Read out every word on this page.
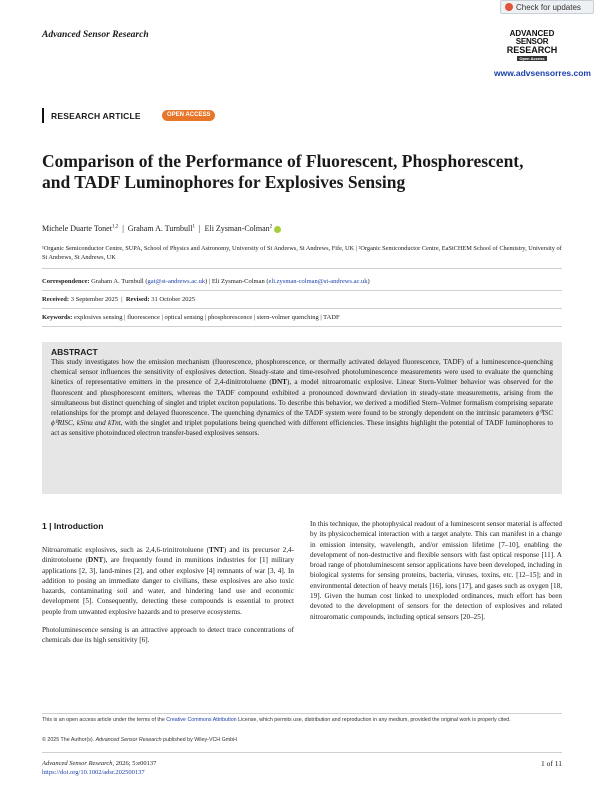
Advanced Sensor Research
Check for updates
ADVANCED
SENSOR
RESEARCH
Open Access
www.advsensorres.com
RESEARCH ARTICLE	OPEN ACCESS
Comparison of the Performance of Fluorescent, Phosphorescent, and TADF Luminophores for Explosives Sensing
Michele Duarte Tonet$^{1,2}$  |  Graham A. Turnbull$^1$  |  Eli Zysman-Colman$^2$
¹Organic Semiconductor Centre, SUPA, School of Physics and Astronomy, University of St Andrews, St Andrews, Fife, UK | ²Organic Semiconductor Centre, EaStCHEM School of Chemistry, University of St Andrews, St Andrews, UK
Correspondence: Graham A. Turnbull (gat@st-andrews.ac.uk) | Eli Zysman-Colman (eli.zysman-colman@st-andrews.ac.uk)
Received: 3 September 2025  |  Revised: 31 October 2025
Keywords: explosives sensing | fluorescence | optical sensing | phosphorescence | stern-volmer quenching | TADF
ABSTRACT
This study investigates how the emission mechanism (fluorescence, phosphorescence, or thermally activated delayed fluorescence, TADF) of a luminescence-quenching chemical sensor influences the sensitivity of explosives detection. Steady-state and time-resolved photoluminescence measurements were used to evaluate the quenching kinetics of representative emitters in the presence of 2,4-dinitrotoluene (DNT), a model nitroaromatic explosive. Linear Stern-Volmer behavior was observed for the fluorescent and phosphorescent emitters, whereas the TADF compound exhibited a pronounced downward deviation in steady-state measurements, arising from the simultaneous but distinct quenching of singlet and triplet exciton populations. To describe this behavior, we derived a modified Stern–Volmer formalism comprising separate relationships for the prompt and delayed fluorescence. The quenching dynamics of the TADF system were found to be strongly dependent on the intrinsic parameters ϕ⁰ISC ϕ⁰RISC, kSinu and kTnt, with the singlet and triplet populations being quenched with different efficiencies. These insights highlight the potential of TADF luminophores to act as sensitive photoinduced electron transfer-based explosives sensors.
1 | Introduction

Nitroaromatic explosives, such as 2,4,6-trinitrotoluene (TNT) and its precursor 2,4-dinitrotoluene (DNT), are frequently found in munitions industries for [1] military applications [2, 3], land-mines [2], and other explosive [4] remnants of war [3, 4]. In addition to posing an immediate danger to civilians, these explosives are also toxic hazards, contaminating soil and water, and hindering land use and economic development [5]. Consequently, detecting these compounds is essential to protect people from unwanted explosive hazards and to preserve ecosystems.

Photoluminescence sensing is an attractive approach to detect trace concentrations of chemicals due its high sensitivity [6].

In this technique, the photophysical readout of a luminescent sensor material is affected by its physicochemical interaction with a target analyte. This can manifest in a change in emission intensity, wavelength, and/or emission lifetime [7–10], enabling the development of non-destructive and flexible sensors with fast optical response [11]. A broad range of photoluminescent sensor applications have been developed, including in biological systems for sensing proteins, bacteria, viruses, toxins, etc. [12–15]; and in environmental detection of heavy metals [16], ions [17], and gases such as oxygen [18, 19]. Given the human cost linked to unexploded ordinances, much effort has been devoted to the development of sensors for the detection of explosives and related nitroaromatic compounds, including optical sensors [20–25].

This is an open access article under the terms of the Creative Commons Attribution License, which permits use, distribution and reproduction in any medium, provided the original work is properly cited.
© 2025 The Author(s). Advanced Sensor Research published by Wiley-VCH GmbH
Advanced Sensor Research, 2026; 5:e00137
https://doi.org/10.1002/adsr.202500137
1 of 11
